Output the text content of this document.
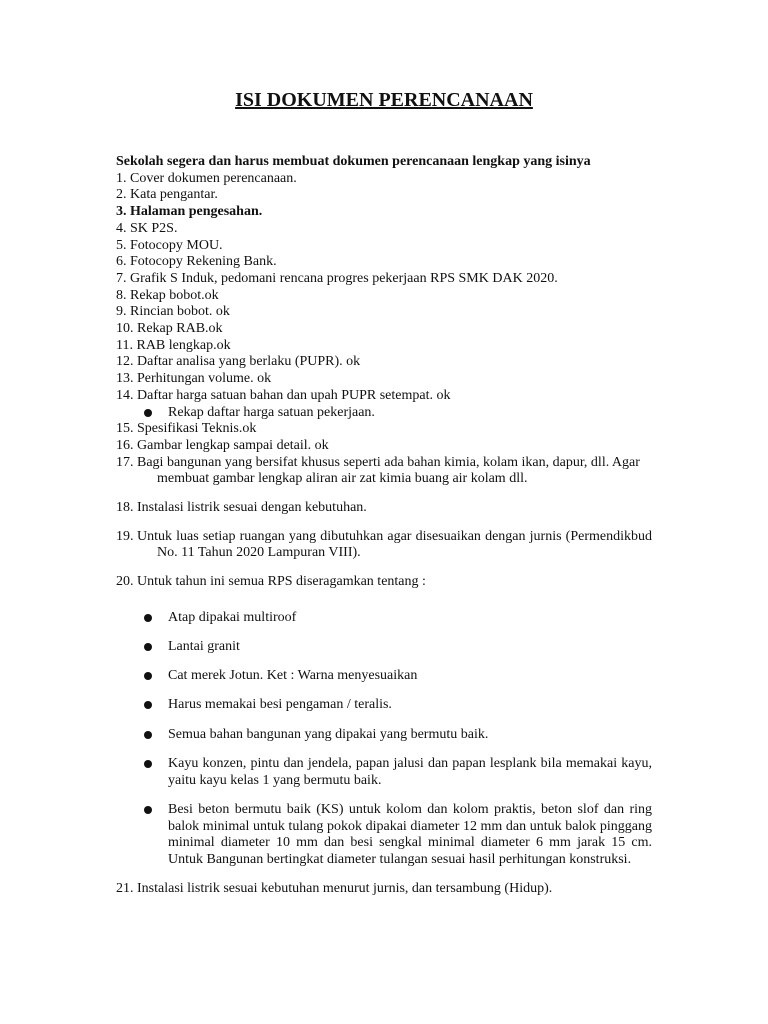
ISI DOKUMEN PERENCANAAN
Sekolah segera dan harus membuat dokumen perencanaan lengkap yang isinya
1.
Cover dokumen perencanaan.
2.
Kata pengantar.
3.
Halaman pengesahan.
4.
SK P2S.
5.
Fotocopy MOU.
6.
Fotocopy Rekening Bank.
7.
Grafik S Induk, pedomani rencana progres pekerjaan RPS SMK DAK 2020.
8.
Rekap bobot.ok
9.
Rincian bobot. ok
10.
Rekap RAB.ok
11.
RAB lengkap.ok
12.
Daftar analisa yang berlaku (PUPR). ok
13.
Perhitungan volume. ok
14.
Daftar harga satuan bahan dan upah PUPR setempat. ok
Rekap daftar harga satuan pekerjaan.
15.
Spesifikasi Teknis.ok
16.
Gambar lengkap sampai detail. ok
17.
Bagi bangunan yang bersifat khusus seperti ada bahan kimia, kolam ikan, dapur, dll. Agar membuat gambar lengkap aliran air zat kimia buang air kolam dll.
18.
Instalasi listrik sesuai dengan kebutuhan.
19.
Untuk luas setiap ruangan yang dibutuhkan agar disesuaikan dengan jurnis (Permendikbud No. 11 Tahun 2020 Lampuran VIII).
20.
Untuk tahun ini semua RPS diseragamkan tentang :
Atap dipakai multiroof
Lantai granit
Cat merek Jotun. Ket : Warna menyesuaikan
Harus memakai besi pengaman / teralis.
Semua bahan bangunan yang dipakai yang bermutu baik.
Kayu konzen, pintu dan jendela, papan jalusi dan papan lesplank bila memakai kayu, yaitu kayu kelas 1 yang bermutu baik.
Besi beton bermutu baik (KS) untuk kolom dan kolom praktis, beton slof dan ring balok minimal untuk tulang pokok dipakai diameter 12 mm dan untuk balok pinggang minimal diameter 10 mm dan besi sengkal minimal diameter 6 mm jarak 15 cm. Untuk Bangunan bertingkat diameter tulangan sesuai hasil perhitungan konstruksi.
21.
Instalasi listrik sesuai kebutuhan menurut jurnis, dan tersambung (Hidup).
